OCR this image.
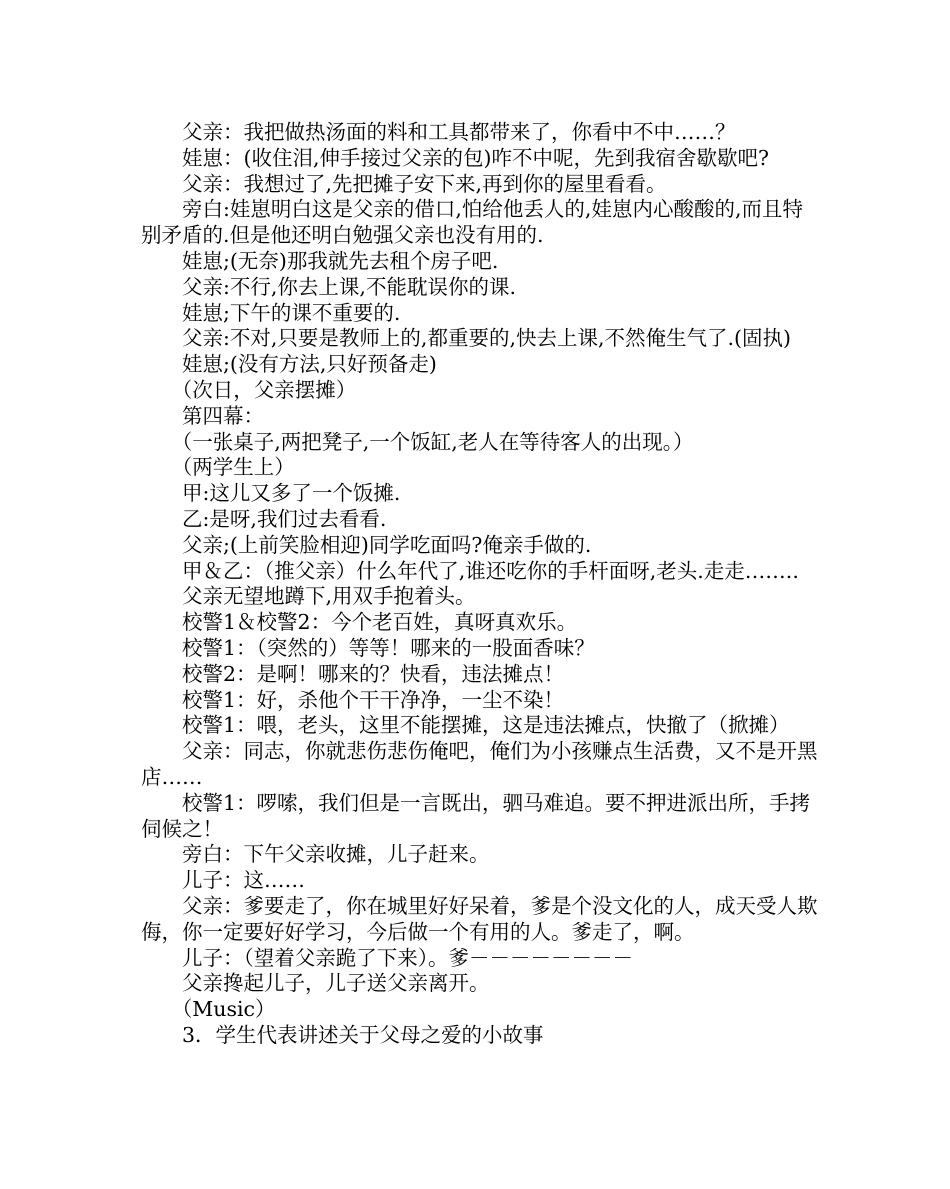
父亲：我把做热汤面的料和工具都带来了，你看中不中……？

娃崽：(收住泪,伸手接过父亲的包)咋不中呢，先到我宿舍歇歇吧?

父亲：我想过了,先把摊子安下来,再到你的屋里看看。

旁白:娃崽明白这是父亲的借口,怕给他丢人的,娃崽内心酸酸的,而且特别矛盾的.但是他还明白勉强父亲也没有用的.

娃崽;(无奈)那我就先去租个房子吧.

父亲:不行,你去上课,不能耽误你的课.

娃崽;下午的课不重要的.

父亲:不对,只要是教师上的,都重要的,快去上课,不然俺生气了.(固执)

娃崽;(没有方法,只好预备走)

（次日，父亲摆摊）

第四幕：

（一张桌子,两把凳子,一个饭缸,老人在等待客人的出现。）

（两学生上）

甲:这儿又多了一个饭摊.

乙:是呀,我们过去看看.

父亲;(上前笑脸相迎)同学吃面吗?俺亲手做的.

甲＆乙：（推父亲）什么年代了,谁还吃你的手杆面呀,老头.走走……..

父亲无望地蹲下,用双手抱着头。

校警1＆校警2：今个老百姓，真呀真欢乐。

校警1：（突然的）等等！哪来的一股面香味？

校警2：是啊！哪来的？快看，违法摊点！

校警1：好，杀他个干干净净，一尘不染！

校警1：喂，老头，这里不能摆摊，这是违法摊点，快撤了（掀摊）

父亲：同志，你就悲伤悲伤俺吧，俺们为小孩赚点生活费，又不是开黑店……

校警1：啰嗦，我们但是一言既出，驷马难追。要不押进派出所，手拷伺候之！

旁白：下午父亲收摊，儿子赶来。

儿子：这……

父亲：爹要走了，你在城里好好呆着，爹是个没文化的人，成天受人欺侮，你一定要好好学习，今后做一个有用的人。爹走了，啊。

儿子：（望着父亲跪了下来）。爹－－－－－－－－

父亲搀起儿子，儿子送父亲离开。

（Music）

3．学生代表讲述关于父母之爱的小故事
